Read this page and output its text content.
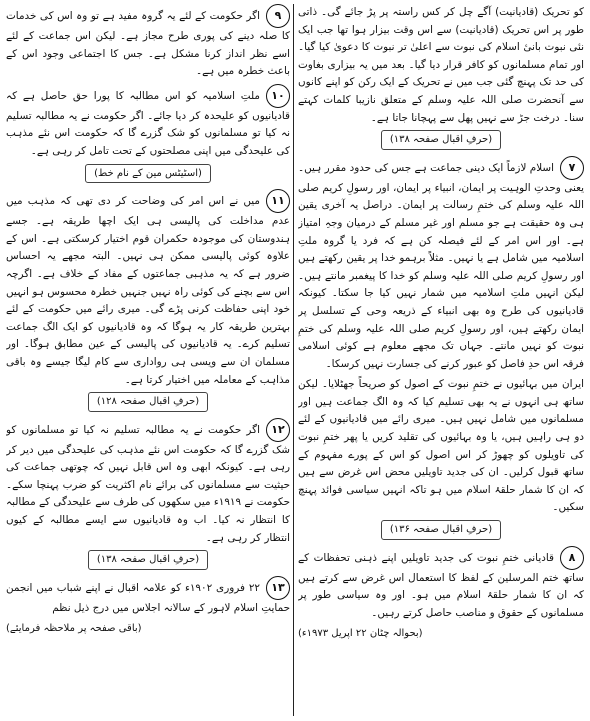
کو تحریک (قادیانیت) آگے چل کر کس راستہ پر پڑ جائے گی۔ ذاتی طور پر اس تحریک (قادیانیت) سے اس وقت بیزار ہوا تھا جب ایک نئی نبوت بانیٔ اسلام کی نبوت سے اعلیٰ تر نبوت کا دعویٰ کیا گیا۔ اور تمام مسلمانوں کو کافر قرار دیا گیا۔ بعد میں یہ بیزاری بغاوت کی حد تک پہنچ گئی جب میں نے تحریک کے ایک رکن کو اپنے کانوں سے آنحضرت صلی اللہ علیہ وسلم کے متعلق نازیبا کلمات کہتے سنا۔ درخت جڑ سے نہیں پھل سے پہچانا جاتا ہے۔

(حرفِ اقبال صفحہ ۱۳۸)

۷اسلام لازماً ایک دینی جماعت ہے جس کی حدود مقرر ہیں۔ یعنی وحدتِ الوہیت پر ایمان، انبیاء پر ایمان، اور رسولِ کریم صلی اللہ علیہ وسلم کی ختمِ رسالت پر ایمان۔ دراصل یہ آخری یقین ہی وہ حقیقت ہے جو مسلم اور غیر مسلم کے درمیان وجہِ امتیاز ہے۔ اور اس امر کے لئے فیصلہ کن ہے کہ فرد یا گروہ ملتِ اسلامیہ میں شامل ہے یا نہیں۔ مثلاً برہمو خدا پر یقین رکھتے ہیں اور رسولِ کریم صلی اللہ علیہ وسلم کو خدا کا پیغمبر مانتے ہیں۔ لیکن انہیں ملتِ اسلامیہ میں شمار نہیں کیا جا سکتا۔ کیونکہ قادیانیوں کی طرح وہ بھی انبیاء کے ذریعہ وحی کے تسلسل پر ایمان رکھتے ہیں، اور رسولِ کریم صلی اللہ علیہ وسلم کی ختمِ نبوت کو نہیں مانتے۔ جہاں تک مجھے معلوم ہے کوئی اسلامی فرقہ اس حدِ فاصل کو عبور کرنے کی جسارت نہیں کرسکا۔

ایران میں بہائیوں نے ختمِ نبوت کے اصول کو صریحاً جھٹلایا۔ لیکن ساتھ ہی انہوں نے یہ بھی تسلیم کیا کہ وہ الگ جماعت ہیں اور مسلمانوں میں شامل نہیں ہیں۔ میری رائے میں قادیانیوں کے لئے دو ہی راہیں ہیں، یا وہ بہائیوں کی تقلید کریں یا پھر ختمِ نبوت کی تاویلوں کو چھوڑ کر اس اصول کو اس کے پورے مفہوم کے ساتھ قبول کرلیں۔ ان کی جدید تاویلیں محض اس غرض سے ہیں کہ ان کا شمار حلقۂ اسلام میں ہو تاکہ انہیں سیاسی فوائد پہنچ سکیں۔

(حرفِ اقبال صفحہ ۱۳۶)

۸قادیانی ختمِ نبوت کی جدید تاویلیں اپنے ذہنی تحفظات کے ساتھ ختم المرسلین کے لفظ کا استعمال اس غرض سے کرتے ہیں کہ ان کا شمار حلقۂ اسلام میں ہو۔ اور وہ سیاسی طور پر مسلمانوں کے حقوق و مناصب حاصل کرتے رہیں۔

(بحوالہ چٹان ۲۲ اپریل ۱۹۷۳ء)

۹اگر حکومت کے لئے یہ گروہ مفید ہے تو وہ اس کی خدمات کا صلہ دینے کی پوری طرح مجاز ہے۔ لیکن اس جماعت کے لئے اسے نظر انداز کرنا مشکل ہے۔ جس کا اجتماعی وجود اس کے باعث خطرہ میں ہے۔

۱۰ملتِ اسلامیہ کو اس مطالبہ کا پورا حق حاصل ہے کہ قادیانیوں کو علیحدہ کر دیا جائے۔ اگر حکومت نے یہ مطالبہ تسلیم نہ کیا تو مسلمانوں کو شک گزرے گا کہ حکومت اس نئے مذہب کی علیحدگی میں اپنی مصلحتوں کے تحت تامل کر رہی ہے۔

(اسٹیٹس مین کے نام خط)

۱۱میں نے اس امر کی وضاحت کر دی تھی کہ مذہب میں عدم مداخلت کی پالیسی ہی ایک اچھا طریقہ ہے۔ جسے ہندوستان کی موجودہ حکمران قوم اختیار کرسکتی ہے۔ اس کے علاوہ کوئی پالیسی ممکن ہی نہیں۔ البتہ مجھے یہ احساس ضرور ہے کہ یہ مذہبی جماعتوں کے مفاد کے خلاف ہے۔ اگرچہ اس سے بچنے کی کوئی راہ نہیں جنہیں خطرہ محسوس ہو انہیں خود اپنی حفاظت کرنی پڑے گی۔ میری رائے میں حکومت کے لئے بہترین طریقہ کار یہ ہوگا کہ وہ قادیانیوں کو ایک الگ جماعت تسلیم کرے۔ یہ قادیانیوں کی پالیسی کے عین مطابق ہوگا۔ اور مسلمان ان سے ویسی ہی رواداری سے کام لیگا جیسے وہ باقی مذاہب کے معاملہ میں اختیار کرتا ہے۔

(حرفِ اقبال صفحہ ۱۲۸)

۱۲اگر حکومت نے یہ مطالبہ تسلیم نہ کیا تو مسلمانوں کو شک گزرے گا کہ حکومت اس نئے مذہب کی علیحدگی میں دیر کر رہی ہے۔ کیونکہ ابھی وہ اس قابل نہیں کہ چوتھی جماعت کی حیثیت سے مسلمانوں کی برائے نام اکثریت کو ضرب پہنچا سکے۔ حکومت نے ۱۹۱۹ء میں سکھوں کی طرف سے علیحدگی کے مطالبہ کا انتظار نہ کیا۔ اب وہ قادیانیوں سے ایسے مطالبہ کے کیوں انتظار کر رہی ہے۔

(حرفِ اقبال صفحہ ۱۳۸)

۱۳۲۲ فروری ۱۹۰۲ء کو علامہ اقبال نے اپنے شباب میں انجمن حمایتِ اسلام لاہور کے سالانہ اجلاس میں درج ذیل نظم

(باقی صفحہ پر ملاحظہ فرمایئے)
